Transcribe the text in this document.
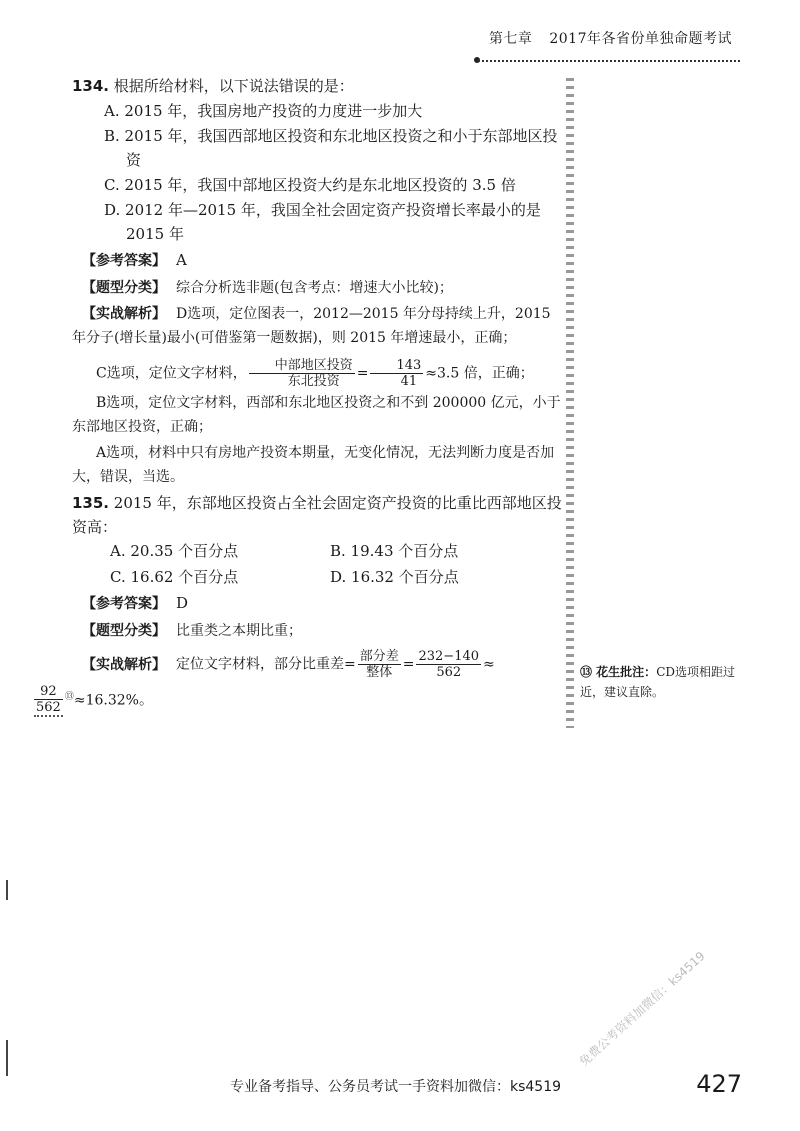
第七章 2017年各省份单独命题考试

134. 根据所给材料，以下说法错误的是：

A. 2015 年，我国房地产投资的力度进一步加大
B. 2015 年，我国西部地区投资和东北地区投资之和小于东部地区投资
C. 2015 年，我国中部地区投资大约是东北地区投资的 3.5 倍
D. 2012 年—2015 年，我国全社会固定资产投资增长率最小的是 2015 年
【参考答案】 A
【题型分类】 综合分析选非题(包含考点：增速大小比较)；
【实战解析】 D选项，定位图表一，2012—2015 年分母持续上升，2015 年分子(增长量)最小(可借鉴第一题数据)，则 2015 年增速最小，正确；
C选项，定位文字材料， $\frac{\text{中部地区投资}}{\text{东北投资}} = \frac{143}{41} \approx 3.5$ 倍，正确；
B选项，定位文字材料，西部和东北地区投资之和不到 200000 亿元，小于东部地区投资，正确；
A选项，材料中只有房地产投资本期量，无变化情况，无法判断力度是否加大，错误，当选。

135. 2015 年，东部地区投资占全社会固定资产投资的比重比西部地区投资高：

A. 20.35 个百分点	B. 19.43 个百分点
C. 16.62 个百分点	D. 16.32 个百分点
【参考答案】 D
【题型分类】 比重类之本期比重；
【实战解析】 定位文字材料，部分比重差= $\frac{\text{部分差}}{\text{整体}} = \frac{232-140}{562}$ ≈
$\frac{92}{562} ^⑬\approx 16.32\%$。
⑬ 花生批注：CD选项相距过近，建议直除。
免费公考资料加微信：ks4519
专业备考指导、公务员考试一手资料加微信：ks4519	427
